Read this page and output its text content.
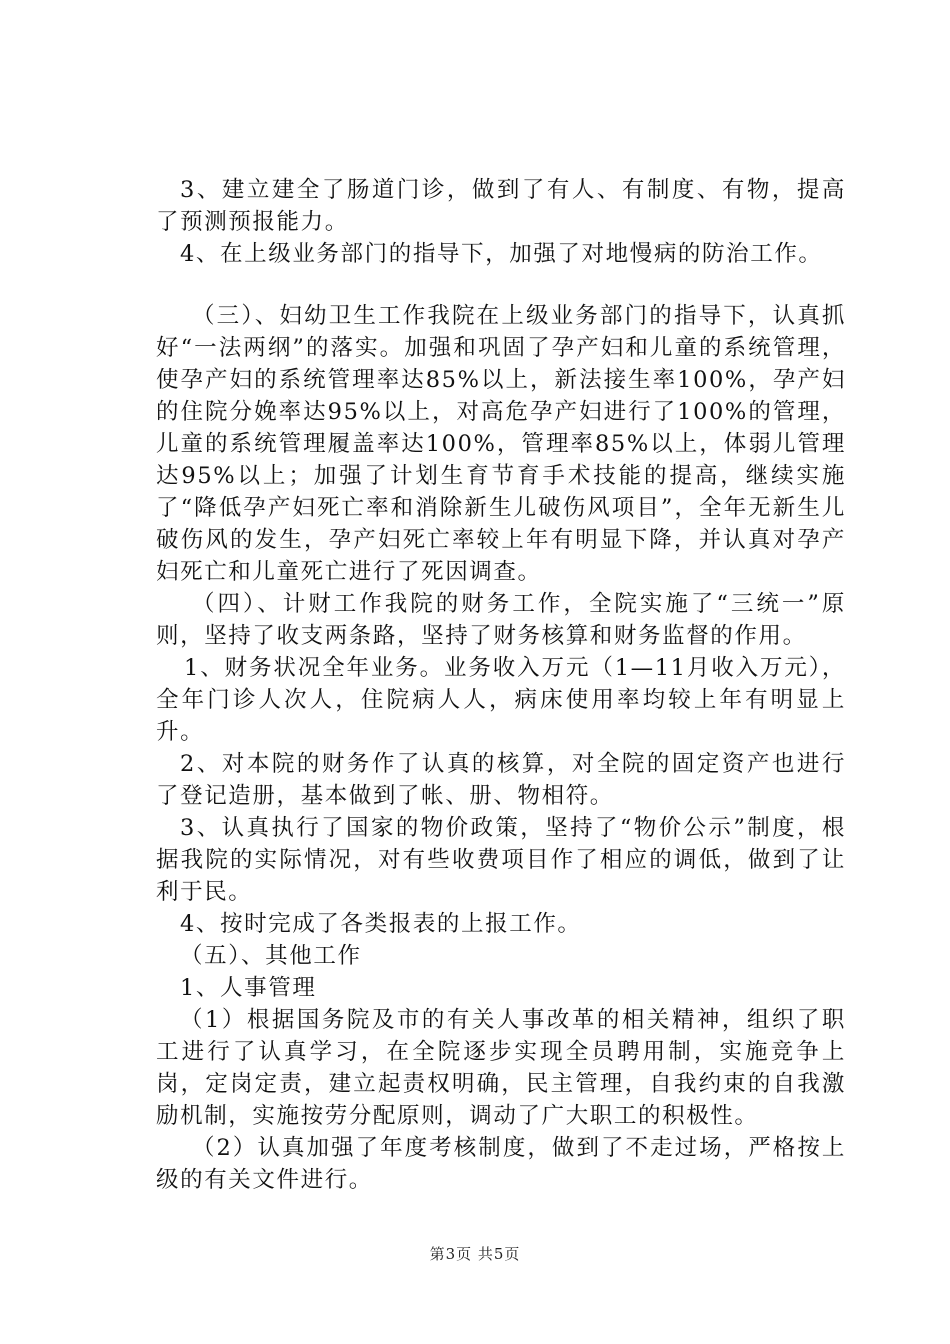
3、建立建全了肠道门诊，做到了有人、有制度、有物，提高了预测预报能力。

4、在上级业务部门的指导下，加强了对地慢病的防治工作。

（三）、妇幼卫生工作我院在上级业务部门的指导下，认真抓好“一法两纲”的落实。加强和巩固了孕产妇和儿童的系统管理，使孕产妇的系统管理率达85%以上，新法接生率100%，孕产妇的住院分娩率达95%以上，对高危孕产妇进行了100%的管理，儿童的系统管理履盖率达100%，管理率85%以上，体弱儿管理达95%以上；加强了计划生育节育手术技能的提高，继续实施了“降低孕产妇死亡率和消除新生儿破伤风项目”，全年无新生儿破伤风的发生，孕产妇死亡率较上年有明显下降，并认真对孕产妇死亡和儿童死亡进行了死因调查。

（四）、计财工作我院的财务工作，全院实施了“三统一”原则，坚持了收支两条路，坚持了财务核算和财务监督的作用。

1、财务状况全年业务。业务收入万元（1—11月收入万元），全年门诊人次人，住院病人人，病床使用率均较上年有明显上升。

2、对本院的财务作了认真的核算，对全院的固定资产也进行了登记造册，基本做到了帐、册、物相符。

3、认真执行了国家的物价政策，坚持了“物价公示”制度，根据我院的实际情况，对有些收费项目作了相应的调低，做到了让利于民。

4、按时完成了各类报表的上报工作。

（五）、其他工作

1、人事管理

（1）根据国务院及市的有关人事改革的相关精神，组织了职工进行了认真学习，在全院逐步实现全员聘用制，实施竞争上岗，定岗定责，建立起责权明确，民主管理，自我约束的自我激励机制，实施按劳分配原则，调动了广大职工的积极性。

（2）认真加强了年度考核制度，做到了不走过场，严格按上级的有关文件进行。

第3页 共5页
